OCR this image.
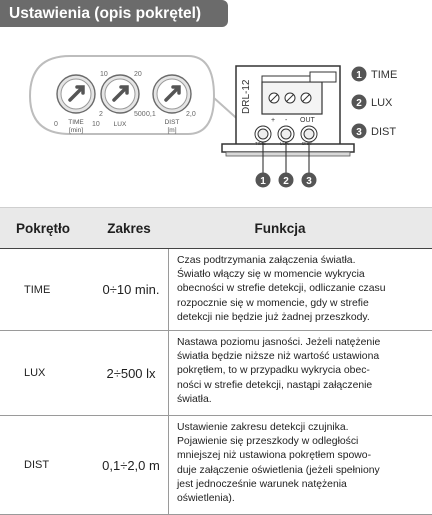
Ustawienia (opis pokrętel)
0	10
TIME
[min]
10	20
2	500
LUX
0,1	2,0
DIST
[m]
DRL-12
+ - OUT
TIME	LUX	DIST
1 2 3
1
2
3
TIME
LUX
DIST
Pokrętło	Zakres	Funkcja
TIME	0÷10 min.
Czas podtrzymania załączenia światła.
Światło włączy się w momencie wykrycia
obecności w strefie detekcji, odliczanie czasu
rozpocznie się w momencie, gdy w strefie
detekcji nie będzie już żadnej przeszkody.
LUX	2÷500 lx
Nastawa poziomu jasności. Jeżeli natężenie
światła będzie niższe niż wartość ustawiona
pokrętłem, to w przypadku wykrycia obec-
ności w strefie detekcji, nastąpi załączenie
światła.
DIST	0,1÷2,0 m
Ustawienie zakresu detekcji czujnika.
Pojawienie się przeszkody w odległości
mniejszej niż ustawiona pokrętłem spowo-
duje załączenie oświetlenia (jeżeli spełniony
jest jednocześnie warunek natężenia
oświetlenia).
